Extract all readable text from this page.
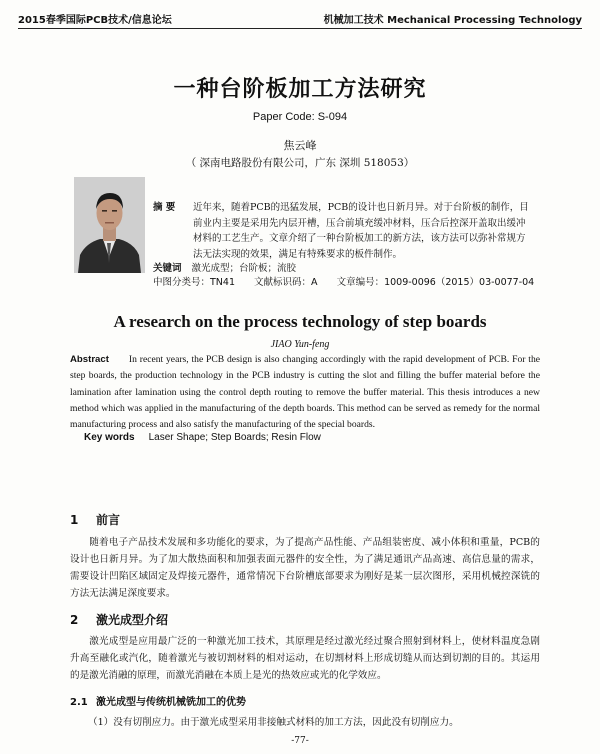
2015春季国际PCB技术/信息论坛	机械加工技术 Mechanical Processing Technology
一种台阶板加工方法研究
Paper Code: S-094
焦云峰
（ 深南电路股份有限公司，广东 深圳 518053）
摘 要 近年来，随着PCB的迅猛发展，PCB的设计也日新月异。对于台阶板的制作，目前业内主要是采用先内层开槽，压合前填充缓冲材料，压合后控深开盖取出缓冲材料的工艺生产。文章介绍了一种台阶板加工的新方法，该方法可以弥补常规方法无法实现的效果，满足有特殊要求的板件制作。
关键词 激光成型；台阶板；流胶
中图分类号：TN41 文献标识码：A 文章编号：1009-0096（2015）03-0077-04
A research on the process technology of step boards
JIAO Yun-feng
Abstract In recent years, the PCB design is also changing accordingly with the rapid development of PCB. For the step boards, the production technology in the PCB industry is cutting the slot and filling the buffer material before the lamination after lamination using the control depth routing to remove the buffer material. This thesis introduces a new method which was applied in the manufacturing of the depth boards. This method can be served as remedy for the normal manufacturing process and also satisfy the manufacturing of the special boards.
Key words Laser Shape; Step Boards; Resin Flow
1 前言
随着电子产品技术发展和多功能化的要求，为了提高产品性能、产品组装密度、减小体积和重量，PCB的设计也日新月异。为了加大散热面积和加强表面元器件的安全性，为了满足通讯产品高速、高信息量的需求，需要设计凹陷区域固定及焊接元器件，通常情况下台阶槽底部要求为刚好是某一层次图形，采用机械控深铣的方法无法满足深度要求。
2 激光成型介绍
激光成型是应用最广泛的一种激光加工技术，其原理是经过激光经过聚合照射到材料上，使材料温度急剧升高至融化或汽化，随着激光与被切割材料的相对运动，在切割材料上形成切缝从而达到切割的目的。其运用的是激光消融的原理，而激光消融在本质上是光的热效应或光的化学效应。
2.1 激光成型与传统机械铣加工的优势
（1）没有切削应力。由于激光成型采用非接触式材料的加工方法，因此没有切削应力。
-77-
